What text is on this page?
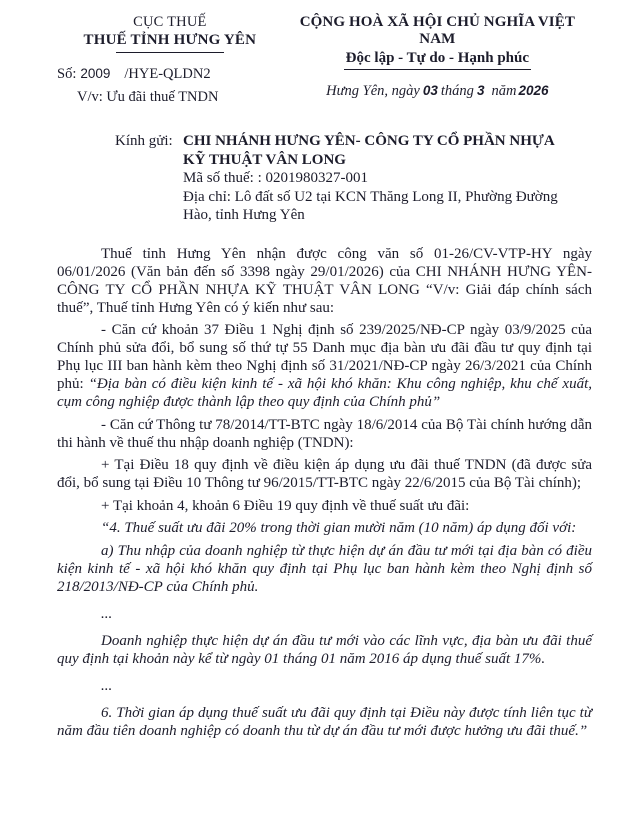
CỤC THUẾ
THUẾ TỈNH HƯNG YÊN
Số: 2009 /HYE-QLDN2
V/v: Ưu đãi thuế TNDN
CỘNG HOÀ XÃ HỘI CHỦ NGHĨA VIỆT NAM
Độc lập - Tự do - Hạnh phúc
Hưng Yên, ngày 03 tháng 3 năm 2026
Kính gửi: CHI NHÁNH HƯNG YÊN- CÔNG TY CỔ PHẦN NHỰA KỸ THUẬT VÂN LONG
Mã số thuế: : 0201980327-001
Địa chỉ: Lô đất số U2 tại KCN Thăng Long II, Phường Đường Hào, tỉnh Hưng Yên
Thuế tỉnh Hưng Yên nhận được công văn số 01-26/CV-VTP-HY ngày 06/01/2026 (Văn bản đến số 3398 ngày 29/01/2026) của CHI NHÁNH HƯNG YÊN- CÔNG TY CỔ PHẦN NHỰA KỸ THUẬT VÂN LONG “V/v: Giải đáp chính sách thuế”, Thuế tỉnh Hưng Yên có ý kiến như sau:
- Căn cứ khoản 37 Điều 1 Nghị định số 239/2025/NĐ-CP ngày 03/9/2025 của Chính phủ sửa đổi, bổ sung số thứ tự 55 Danh mục địa bàn ưu đãi đầu tư quy định tại Phụ lục III ban hành kèm theo Nghị định số 31/2021/NĐ-CP ngày 26/3/2021 của Chính phủ: “Địa bàn có điều kiện kinh tế - xã hội khó khăn: Khu công nghiệp, khu chế xuất, cụm công nghiệp được thành lập theo quy định của Chính phủ”
- Căn cứ Thông tư 78/2014/TT-BTC ngày 18/6/2014 của Bộ Tài chính hướng dẫn thi hành về thuế thu nhập doanh nghiệp (TNDN):
+ Tại Điều 18 quy định về điều kiện áp dụng ưu đãi thuế TNDN (đã được sửa đổi, bổ sung tại Điều 10 Thông tư 96/2015/TT-BTC ngày 22/6/2015 của Bộ Tài chính);
+ Tại khoản 4, khoản 6 Điều 19 quy định về thuế suất ưu đãi:
“4. Thuế suất ưu đãi 20% trong thời gian mười năm (10 năm) áp dụng đối với:
a) Thu nhập của doanh nghiệp từ thực hiện dự án đầu tư mới tại địa bàn có điều kiện kinh tế - xã hội khó khăn quy định tại Phụ lục ban hành kèm theo Nghị định số 218/2013/NĐ-CP của Chính phủ.
...
Doanh nghiệp thực hiện dự án đầu tư mới vào các lĩnh vực, địa bàn ưu đãi thuế quy định tại khoản này kể từ ngày 01 tháng 01 năm 2016 áp dụng thuế suất 17%.
...
6. Thời gian áp dụng thuế suất ưu đãi quy định tại Điều này được tính liên tục từ năm đầu tiên doanh nghiệp có doanh thu từ dự án đầu tư mới được hưởng ưu đãi thuế.”
